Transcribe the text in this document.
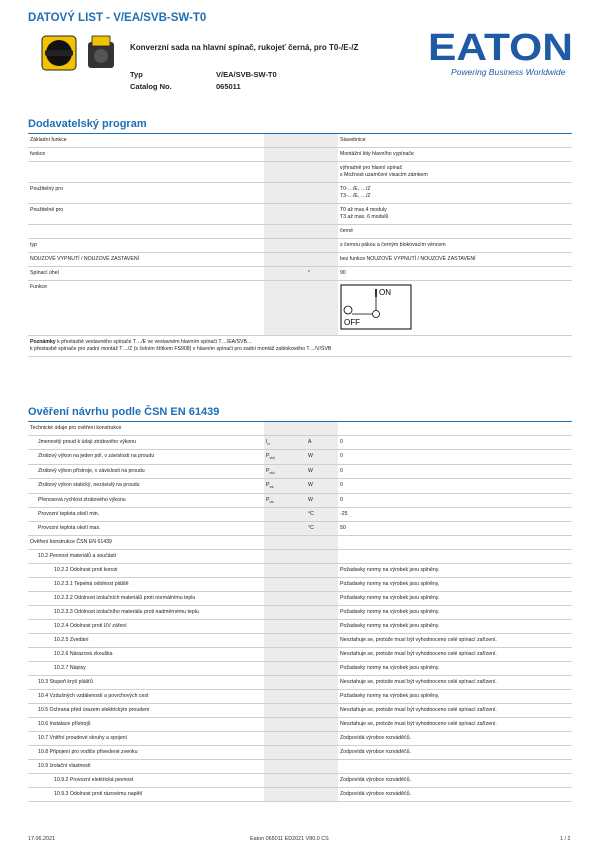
DATOVÝ LIST - V/EA/SVB-SW-T0
Konverzní sada na hlavní spínač, rukojeť černá, pro T0-/E-/Z
Typ	V/EA/SVB-SW-T0
Catalog No.	065011
EATON
Powering Business Worldwide
Dodavatelský program
Základní funkce			Stavebnice

funkce			Montážní kity hlavního vypínače

			výhradně pro hlavní spínač
s Možnost uzamčení visacím zámkem

Použitelný pro			T0-…/E, …/Z
T3-…/E, …/Z

Použitelně pro			T0 až max.4 moduly
T3 až max. 6 modulů

			černé

typ			s černou pákou a černým blokovacím věncem

NOUZOVÉ VYPNUTÍ / NOUZOVÉ ZASTAVENÍ			bez funkce NOUZOVÉ VYPNUTÍ / NOUZOVÉ ZASTAVENÍ

Spínací úhel		°	90

Funkce			ON
OFF

Poznámky k přestavbě vestavného spínače T…/E ve vestavném hlavním spínači T…/EA/SVB…
k přestavbě spínače pro zadní montáž T…/Z (s čelním štítkem FS908) v hlavním spínači pro zadní montáž zablokového T…/V/SVB			
Ověření návrhu podle ČSN EN 61439
Technické údaje pro ověření konstrukce			
Jmenovitý proud k údaji ztrátového výkonu	$I_n$	A	0
Ztrátový výkon na jeden pól, v závislosti na proudu	$P_{vid}$	W	0
Ztrátový výkon přístroje, v závislosti na proudu	$P_{vid}$	W	0
Ztrátový výkon statický, nezávislý na proudu	$P_{vs}$	W	0
Přenosová rychlost ztrátového výkonu	$P_{ve}$	W	0
Provozní teplota okolí min.		°C	-25
Provozní teplota okolí max.		°C	50
Ověření konstrukce ČSN EN 61439			
10.2 Pevnost materiálů a součástí			
10.2.2 Odolnost proti korozi			Požadavky normy na výrobek jsou splněny.
10.2.3.1 Tepelná odolnost pláště			Požadavky normy na výrobek jsou splněny.
10.2.3.2 Odolnost izolačních materiálů proti normálnímu teplu			Požadavky normy na výrobek jsou splněny.
10.2.3.3 Odolnost izolačního materiálu proti nadměrnému teplu			Požadavky normy na výrobek jsou splněny.
10.2.4 Odolnost proti UV záření			Požadavky normy na výrobek jsou splněny.
10.2.5 Zvedání			Nevztahuje se, protože musí být vyhodnoceno celé spínací zařízení.
10.2.6 Nárazová zkouška			Nevztahuje se, protože musí být vyhodnoceno celé spínací zařízení.
10.2.7 Nápisy			Požadavky normy na výrobek jsou splněny.
10.3 Stupeň krytí plášťů			Nevztahuje se, protože musí být vyhodnoceno celé spínací zařízení.
10.4 Vzdušných vzdáleností a povrchových cest			Požadavky normy na výrobek jsou splněny.
10.5 Ochrana před úrazem elektrickým proudem			Nevztahuje se, protože musí být vyhodnoceno celé spínací zařízení.
10.6 Instalace přístrojů			Nevztahuje se, protože musí být vyhodnoceno celé spínací zařízení.
10.7 Vnitřní proudové okruhy a spojení			Zodpovídá výrobce rozváděčů.
10.8 Připojení pro vodiče přivedené zvenku			Zodpovídá výrobce rozváděčů.
10.9 Izolační vlastnosti			
10.9.2 Provozní elektrická pevnost			Zodpovídá výrobce rozváděčů.
10.9.3 Odolnost proti rázovému napětí			Zodpovídá výrobce rozváděčů.
17.06.2021	Eaton 065011 ED2021 V80.0 CS	1 / 2
